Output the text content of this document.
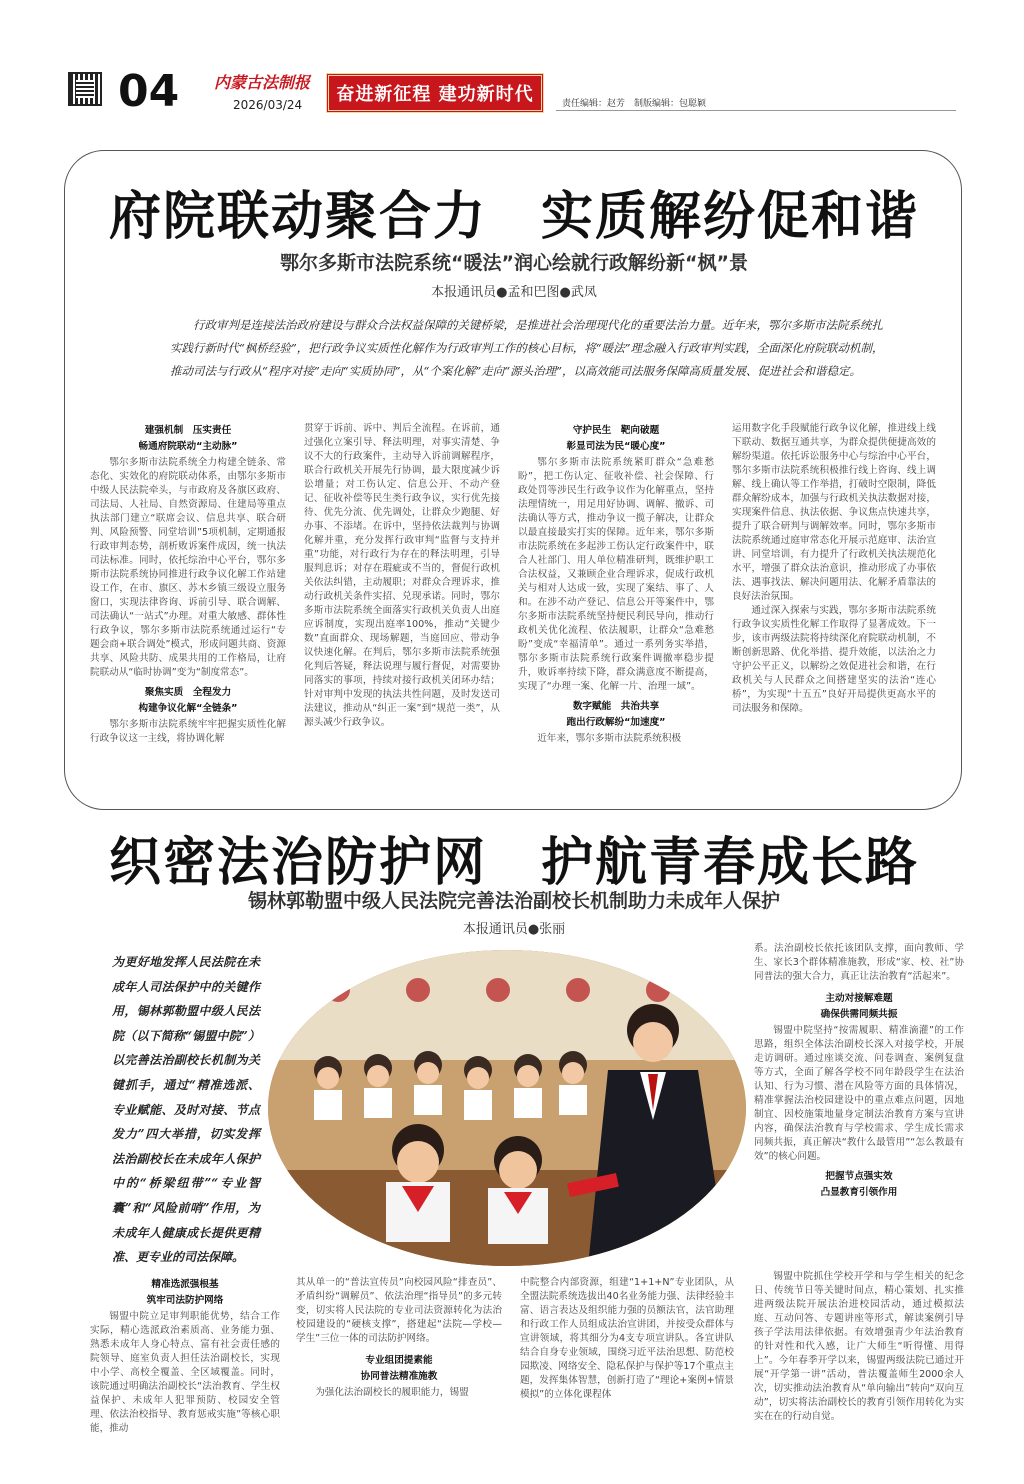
04 内蒙古法制报
2026/03/24	奋进新征程 建功新时代	责任编辑：赵芳　制版编辑：包聪颖
府院联动聚合力　实质解纷促和谐
鄂尔多斯市法院系统“暖法”润心绘就行政解纷新“枫”景
本报通讯员●孟和巴图●武凤
行政审判是连接法治政府建设与群众合法权益保障的关键桥梁，是推进社会治理现代化的重要法治力量。近年来，鄂尔多斯市法院系统扎实践行新时代“枫桥经验”，把行政争议实质性化解作为行政审判工作的核心目标，将“暖法”理念融入行政审判实践，全面深化府院联动机制，推动司法与行政从“程序对接”走向“实质协同”，从“个案化解”走向“源头治理”，以高效能司法服务保障高质量发展、促进社会和谐稳定。
建强机制　压实责任
畅通府院联动“主动脉”
鄂尔多斯市法院系统全力构建全链条、常态化、实效化的府院联动体系，由鄂尔多斯市中级人民法院牵头，与市政府及各旗区政府、司法局、人社局、自然资源局、住建局等重点执法部门建立“联席会议、信息共享、联合研判、风险预警、同堂培训”5项机制，定期通报行政审判态势，剖析败诉案件成因，统一执法司法标准。同时，依托综治中心平台，鄂尔多斯市法院系统协同推进行政争议化解工作站建设工作，在市、旗区、苏木乡镇三级设立服务窗口，实现法律咨询、诉前引导、联合调解、司法确认“一站式”办理。对重大敏感、群体性行政争议，鄂尔多斯市法院系统通过运行“专题会商+联合调处”模式，形成问题共商、资源共享、风险共防、成果共用的工作格局，让府院联动从“临时协调”变为“制度常态”。
聚焦实质　全程发力
构建争议化解“全链条”
鄂尔多斯市法院系统牢牢把握实质性化解行政争议这一主线，将协调化解
贯穿于诉前、诉中、判后全流程。在诉前，通过强化立案引导、释法明理，对事实清楚、争议不大的行政案件，主动导入诉前调解程序，联合行政机关开展先行协调，最大限度减少诉讼增量；对工伤认定、信息公开、不动产登记、征收补偿等民生类行政争议，实行优先接待、优先分流、优先调处，让群众少跑腿、好办事、不添堵。在诉中，坚持依法裁判与协调化解并重，充分发挥行政审判“监督与支持并重”功能，对行政行为存在的释法明理，引导服判息诉；对存在瑕疵或不当的，督促行政机关依法纠错，主动履职；对群众合理诉求，推动行政机关条件实招、兑现承诺。同时，鄂尔多斯市法院系统全面落实行政机关负责人出庭应诉制度，实现出庭率100%，推动“关键少数”直面群众、现场解题，当庭回应、带动争议快速化解。在判后，鄂尔多斯市法院系统强化判后答疑，释法说理与履行督促，对需要协同落实的事项，持续对接行政机关闭环办结；针对审判中发现的执法共性问题，及时发送司法建议，推动从“纠正一案”到“规范一类”，从源头减少行政争议。
守护民生　靶向破题
彰显司法为民“暖心度”
鄂尔多斯市法院系统紧盯群众“急难愁盼”，把工伤认定、征收补偿、社会保障、行政处罚等涉民生行政争议作为化解重点，坚持法理情统一，用足用好协调、调解、撤诉、司法确认等方式，推动争议一揽子解决，让群众以最直接最实打实的保障。近年来，鄂尔多斯市法院系统在多起涉工伤认定行政案件中，联合人社部门、用人单位精准研判，既维护职工合法权益，又兼顾企业合理诉求，促成行政机关与相对人达成一致，实现了案结、事了、人和。在涉不动产登记、信息公开等案件中，鄂尔多斯市法院系统坚持便民利民导向，推动行政机关优化流程、依法履职，让群众“急难愁盼”变成“幸福清单”。通过一系列务实举措，鄂尔多斯市法院系统行政案件调撤率稳步提升，败诉率持续下降，群众满意度不断提高，实现了“办理一案、化解一片、治理一域”。
数字赋能　共治共享
跑出行政解纷“加速度”
近年来，鄂尔多斯市法院系统积极
运用数字化手段赋能行政争议化解，推进线上线下联动、数据互通共享，为群众提供便捷高效的解纷渠道。依托诉讼服务中心与综治中心平台，鄂尔多斯市法院系统积极推行线上咨询、线上调解、线上确认等工作举措，打破时空限制，降低群众解纷成本，加强与行政机关执法数据对接，实现案件信息、执法依据、争议焦点快速共享，提升了联合研判与调解效率。同时，鄂尔多斯市法院系统通过庭审常态化开展示范庭审、法治宣讲、同堂培训，有力提升了行政机关执法规范化水平，增强了群众法治意识，推动形成了办事依法、遇事找法、解决问题用法、化解矛盾靠法的良好法治氛围。
通过深入探索与实践，鄂尔多斯市法院系统行政争议实质性化解工作取得了显著成效。下一步，该市两级法院将持续深化府院联动机制，不断创新思路、优化举措、提升效能，以法治之力守护公平正义，以解纷之效促进社会和谐，在行政机关与人民群众之间搭建坚实的法治“连心桥”，为实现“十五五”良好开局提供更高水平的司法服务和保障。
织密法治防护网　护航青春成长路
锡林郭勒盟中级人民法院完善法治副校长机制助力未成年人保护
本报通讯员●张丽
为更好地发挥人民法院在未成年人司法保护中的关键作用，锡林郭勒盟中级人民法院（以下简称“锡盟中院”）以完善法治副校长机制为关键抓手，通过“精准选派、专业赋能、及时对接、节点发力”四大举措，切实发挥法治副校长在未成年人保护中的“桥梁纽带”“专业智囊”和“风险前哨”作用，为未成年人健康成长提供更精准、更专业的司法保障。
系。法治副校长依托该团队支撑，面向教师、学生、家长3个群体精准施教，形成“家、校、社”协同普法的强大合力，真正让法治教育“活起来”。
主动对接解难题
确保供需同频共振
锡盟中院坚持“按需履职、精准滴灌”的工作思路，组织全体法治副校长深入对接学校，开展走访调研。通过座谈交流、问卷调查、案例复盘等方式，全面了解各学校不同年龄段学生在法治认知、行为习惯、潜在风险等方面的具体情况，精准掌握法治校园建设中的重点难点问题，因地制宜、因校施策地量身定制法治教育方案与宣讲内容，确保法治教育与学校需求、学生成长需求同频共振，真正解决“教什么最管用”“怎么教最有效”的核心问题。
把握节点强实效
凸显教育引领作用
锡盟中院抓住学校开学和与学生相关的纪念日、传统节日等关键时间点，精心策划、扎实推进两级法院开展法治进校园活动，通过模拟法庭、互动问答、专题讲座等形式，解读案例引导孩子学法用法律依据。有效增强青少年法治教育的针对性和代入感，让广大师生“听得懂、用得上”。今年春季开学以来，锡盟两级法院已通过开展“开学第一讲”活动，普法覆盖师生2000余人次，切实推动法治教育从“单向输出”转向“双向互动”，切实将法治副校长的教育引领作用转化为实实在在的行动自觉。
精准选派强根基
筑牢司法防护网络
锡盟中院立足审判职能优势，结合工作实际，精心选派政治素质高、业务能力强、熟悉未成年人身心特点、富有社会责任感的院领导、庭室负责人担任法治副校长，实现中小学、高校全覆盖、全区域覆盖。同时，该院通过明确法治副校长“法治教育、学生权益保护、未成年人犯罪预防、校园安全管理、依法治校指导、教育惩戒实施”等核心职能，推动
其从单一的“普法宣传员”向校园风险“排查员”、矛盾纠纷“调解员”、依法治理“指导员”的多元转变，切实将人民法院的专业司法资源转化为法治校园建设的“硬核支撑”，搭建起“法院—学校—学生”三位一体的司法防护网络。
专业组团提素能
协同普法精准施教
为强化法治副校长的履职能力，锡盟
中院整合内部资源，组建“1+1+N”专业团队，从全盟法院系统选拔出40名业务能力强、法律经验丰富、语言表达及组织能力强的员额法官，法官助理和行政工作人员组成法治宣讲团，并按受众群体与宣讲领域，将其细分为4支专项宣讲队。各宣讲队结合自身专业领域，围绕习近平法治思想、防范校园欺凌、网络安全、隐私保护与保护等17个重点主题，发挥集体智慧，创新打造了“理论+案例+情景模拟”的立体化课程体
